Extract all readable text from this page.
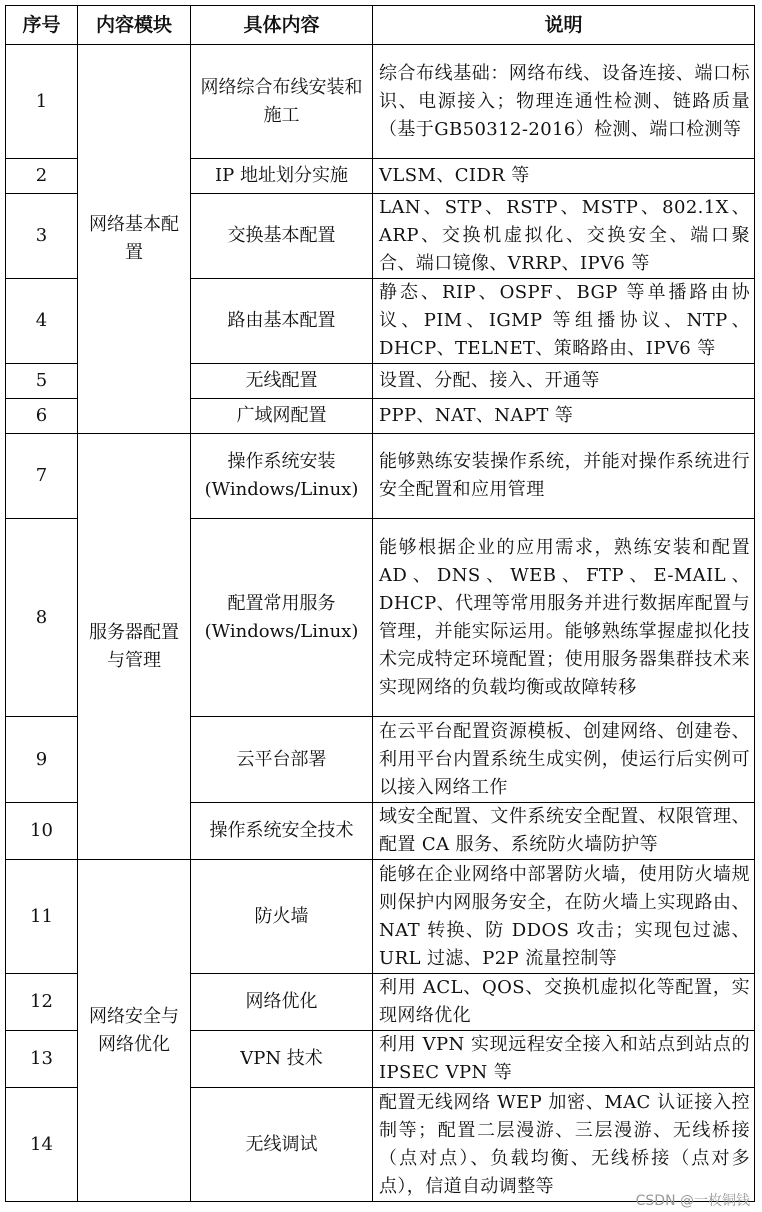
序号	内容模块	具体内容	说明
1	网络基本配置	网络综合布线安装和施工	综合布线基础：网络布线、设备连接、端口标识、电源接入；物理连通性检测、链路质量（基于GB50312-2016）检测、端口检测等
2		IP 地址划分实施	VLSM、CIDR 等
3		交换基本配置	LAN、STP、RSTP、MSTP、802.1X、ARP、交换机虚拟化、交换安全、端口聚合、端口镜像、VRRP、IPV6 等
4		路由基本配置	静态、RIP、OSPF、BGP 等单播路由协议、PIM、IGMP 等组播协议、NTP、DHCP、TELNET、策略路由、IPV6 等
5		无线配置	设置、分配、接入、开通等
6		广域网配置	PPP、NAT、NAPT 等
7	服务器配置与管理	操作系统安装(Windows/Linux)	能够熟练安装操作系统，并能对操作系统进行安全配置和应用管理
8		配置常用服务(Windows/Linux)	能够根据企业的应用需求，熟练安装和配置 AD、DNS、WEB、FTP、E-MAIL、DHCP、代理等常用服务并进行数据库配置与管理，并能实际运用。能够熟练掌握虚拟化技术完成特定环境配置；使用服务器集群技术来实现网络的负载均衡或故障转移
9		云平台部署	在云平台配置资源模板、创建网络、创建卷、利用平台内置系统生成实例，使运行后实例可以接入网络工作
10		操作系统安全技术	域安全配置、文件系统安全配置、权限管理、配置 CA 服务、系统防火墙防护等
11	网络安全与网络优化	防火墙	能够在企业网络中部署防火墙，使用防火墙规则保护内网服务安全，在防火墙上实现路由、NAT 转换、防 DDOS 攻击；实现包过滤、URL 过滤、P2P 流量控制等
12		网络优化	利用 ACL、QOS、交换机虚拟化等配置，实现网络优化
13		VPN 技术	利用 VPN 实现远程安全接入和站点到站点的 IPSEC VPN 等
14		无线调试	配置无线网络 WEP 加密、MAC 认证接入控制等；配置二层漫游、三层漫游、无线桥接（点对点）、负载均衡、无线桥接（点对多点），信道自动调整等
CSDN @一枚铜钱
